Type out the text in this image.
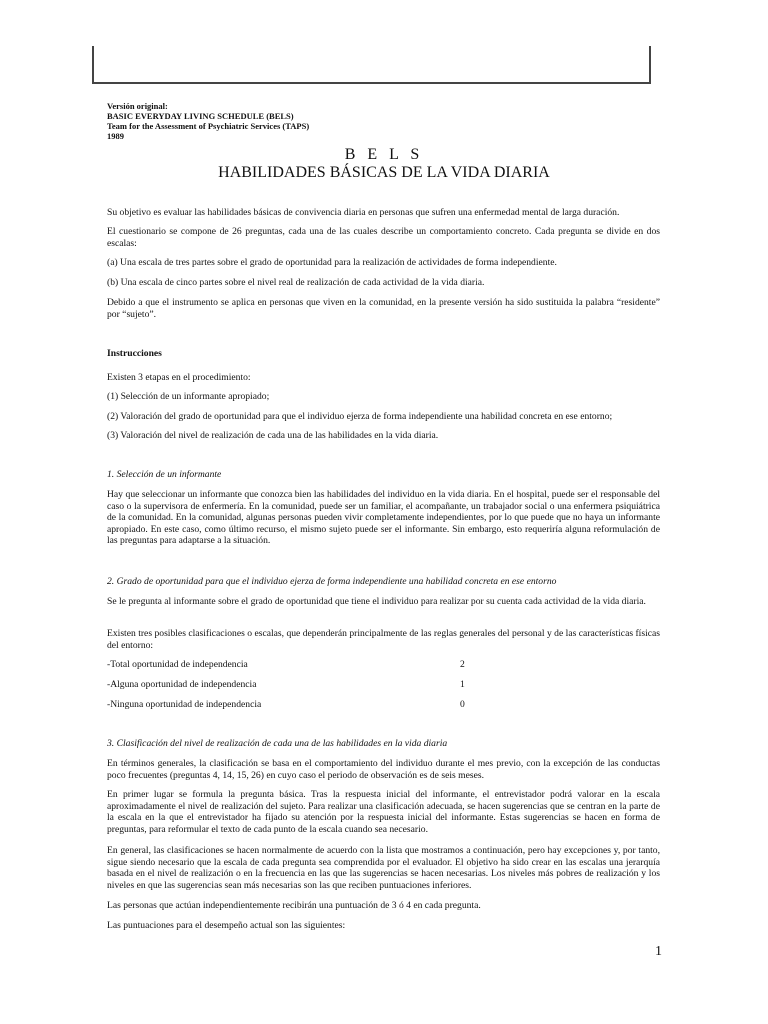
Versión original:
BASIC EVERYDAY LIVING SCHEDULE (BELS)
Team for the Assessment of Psychiatric Services (TAPS)
1989
B E L S
HABILIDADES BÁSICAS DE LA VIDA DIARIA

Su objetivo es evaluar las habilidades básicas de convivencia diaria en personas que sufren una enfermedad mental de larga duración.

El cuestionario se compone de 26 preguntas, cada una de las cuales describe un comportamiento concreto. Cada pregunta se divide en dos escalas:

(a) Una escala de tres partes sobre el grado de oportunidad para la realización de actividades de forma independiente.

(b) Una escala de cinco partes sobre el nivel real de realización de cada actividad de la vida diaria.

Debido a que el instrumento se aplica en personas que viven en la comunidad, en la presente versión ha sido sustituida la palabra “residente” por “sujeto”.

Instrucciones

Existen 3 etapas en el procedimiento:

(1) Selección de un informante apropiado;

(2) Valoración del grado de oportunidad para que el individuo ejerza de forma independiente una habilidad concreta en ese entorno;

(3) Valoración del nivel de realización de cada una de las habilidades en la vida diaria.

1. Selección de un informante

Hay que seleccionar un informante que conozca bien las habilidades del individuo en la vida diaria. En el hospital, puede ser el responsable del caso o la supervisora de enfermería. En la comunidad, puede ser un familiar, el acompañante, un trabajador social o una enfermera psiquiátrica de la comunidad. En la comunidad, algunas personas pueden vivir completamente independientes, por lo que puede que no haya un informante apropiado. En este caso, como último recurso, el mismo sujeto puede ser el informante. Sin embargo, esto requeriría alguna reformulación de las preguntas para adaptarse a la situación.

2. Grado de oportunidad para que el individuo ejerza de forma independiente una habilidad concreta en ese entorno

Se le pregunta al informante sobre el grado de oportunidad que tiene el individuo para realizar por su cuenta cada actividad de la vida diaria.

Existen tres posibles clasificaciones o escalas, que dependerán principalmente de las reglas generales del personal y de las características físicas del entorno:

-Total oportunidad de independencia	2
-Alguna oportunidad de independencia	1
-Ninguna oportunidad de independencia	0

3. Clasificación del nivel de realización de cada una de las habilidades en la vida diaria

En términos generales, la clasificación se basa en el comportamiento del individuo durante el mes previo, con la excepción de las conductas poco frecuentes (preguntas 4, 14, 15, 26) en cuyo caso el periodo de observación es de seis meses.

En primer lugar se formula la pregunta básica. Tras la respuesta inicial del informante, el entrevistador podrá valorar en la escala aproximadamente el nivel de realización del sujeto. Para realizar una clasificación adecuada, se hacen sugerencias que se centran en la parte de la escala en la que el entrevistador ha fijado su atención por la respuesta inicial del informante. Estas sugerencias se hacen en forma de preguntas, para reformular el texto de cada punto de la escala cuando sea necesario.

En general, las clasificaciones se hacen normalmente de acuerdo con la lista que mostramos a continuación, pero hay excepciones y, por tanto, sigue siendo necesario que la escala de cada pregunta sea comprendida por el evaluador. El objetivo ha sido crear en las escalas una jerarquía basada en el nivel de realización o en la frecuencia en las que las sugerencias se hacen necesarias. Los niveles más pobres de realización y los niveles en que las sugerencias sean más necesarias son las que reciben puntuaciones inferiores.

Las personas que actúan independientemente recibirán una puntuación de 3 ó 4 en cada pregunta.

Las puntuaciones para el desempeño actual son las siguientes:

1
